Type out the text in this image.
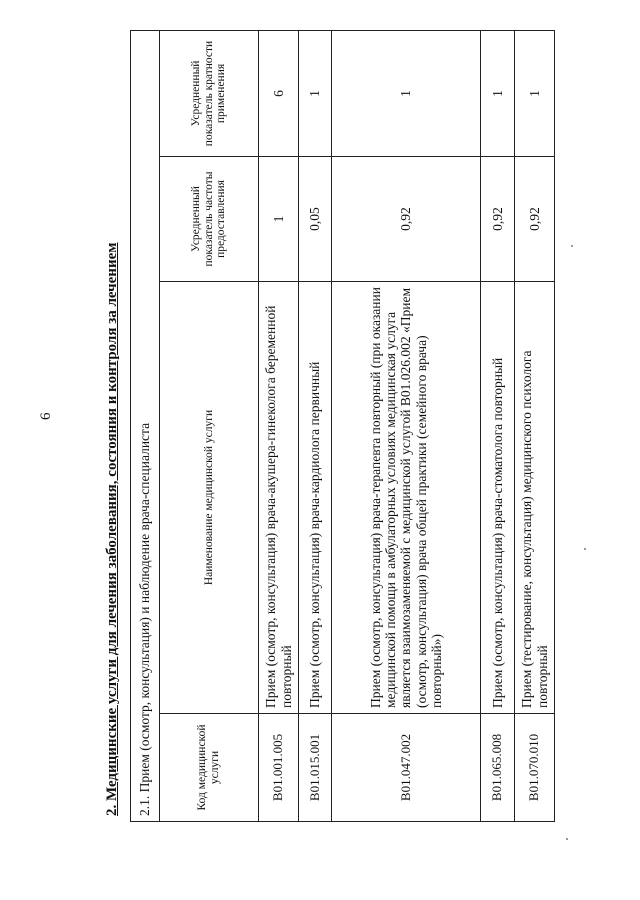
6	2. Медицинские услуги для лечения заболевания, состояния и контроля за лечением 2.1. Прием (осмотр, консультация) и наблюдение врача-специалиста			
Код медицинской услуги	Наименование медицинской услуги	Усредненный показатель частоты предоставления	Усредненный показатель кратности применения
B01.001.005	Прием (осмотр, консультация) врача-акушера-гинеколога беременной повторный	1	6
B01.015.001	Прием (осмотр, консультация) врача-кардиолога первичный	0,05	1
B01.047.002	Прием (осмотр, консультация) врача-терапевта повторный (при оказании медицинской помощи в амбулаторных условиях медицинская услуга является взаимозаменяемой с медицинской услугой B01.026.002 «Прием (осмотр, консультация) врача общей практики (семейного врача) повторный»)	0,92	1
B01.065.008	Прием (осмотр, консультация) врача-стоматолога повторный	0,92	1
B01.070.010	Прием (тестирование, консультация) медицинского психолога повторный	0,92	1
